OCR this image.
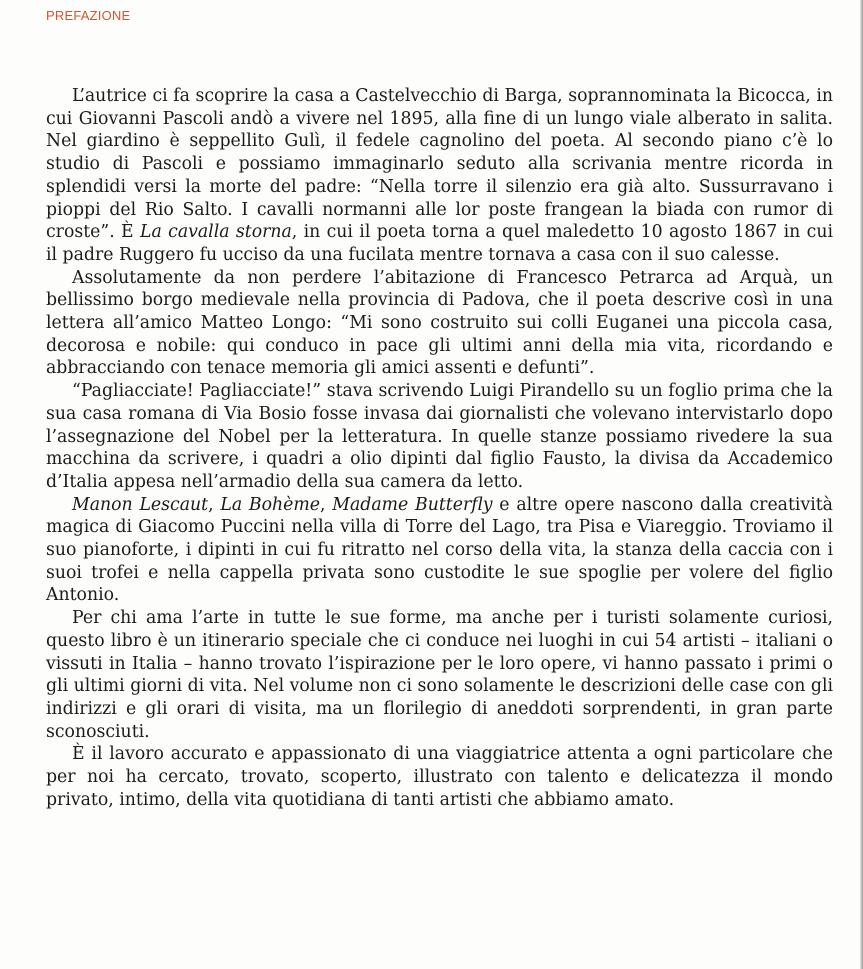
PREFAZIONE

L’autrice ci fa scoprire la casa a Castelvecchio di Barga, soprannominata la Bicocca, in cui Giovanni Pascoli andò a vivere nel 1895, alla fine di un lungo viale alberato in salita. Nel giardino è seppellito Gulì, il fedele cagnolino del poeta. Al secondo piano c’è lo studio di Pascoli e possiamo immaginarlo seduto alla scrivania mentre ricorda in splendidi versi la morte del padre: “Nella torre il silenzio era già alto. Sussurravano i pioppi del Rio Salto. I cavalli normanni alle lor poste frangean la biada con rumor di croste”. È La cavalla storna, in cui il poeta torna a quel maledetto 10 agosto 1867 in cui il padre Ruggero fu ucciso da una fucilata mentre tornava a casa con il suo calesse.

Assolutamente da non perdere l’abitazione di Francesco Petrarca ad Arquà, un bellissimo borgo medievale nella provincia di Padova, che il poeta descrive così in una lettera all’amico Matteo Longo: “Mi sono costruito sui colli Euganei una piccola casa, decorosa e nobile: qui conduco in pace gli ultimi anni della mia vita, ricordando e abbracciando con tenace memoria gli amici assenti e defunti”.

“Pagliacciate! Pagliacciate!” stava scrivendo Luigi Pirandello su un foglio prima che la sua casa romana di Via Bosio fosse invasa dai giornalisti che volevano intervistarlo dopo l’assegnazione del Nobel per la letteratura. In quelle stanze possiamo rivedere la sua macchina da scrivere, i quadri a olio dipinti dal figlio Fausto, la divisa da Accademico d’Italia appesa nell’armadio della sua camera da letto.

Manon Lescaut, La Bohème, Madame Butterfly e altre opere nascono dalla creatività magica di Giacomo Puccini nella villa di Torre del Lago, tra Pisa e Viareggio. Troviamo il suo pianoforte, i dipinti in cui fu ritratto nel corso della vita, la stanza della caccia con i suoi trofei e nella cappella privata sono custodite le sue spoglie per volere del figlio Antonio.

Per chi ama l’arte in tutte le sue forme, ma anche per i turisti solamente curiosi, questo libro è un itinerario speciale che ci conduce nei luoghi in cui 54 artisti – italiani o vissuti in Italia – hanno trovato l’ispirazione per le loro opere, vi hanno passato i primi o gli ultimi giorni di vita. Nel volume non ci sono solamente le descrizioni delle case con gli indirizzi e gli orari di visita, ma un florilegio di aneddoti sorprendenti, in gran parte sconosciuti.

È il lavoro accurato e appassionato di una viaggiatrice attenta a ogni particolare che per noi ha cercato, trovato, scoperto, illustrato con talento e delicatezza il mondo privato, intimo, della vita quotidiana di tanti artisti che abbiamo amato.
